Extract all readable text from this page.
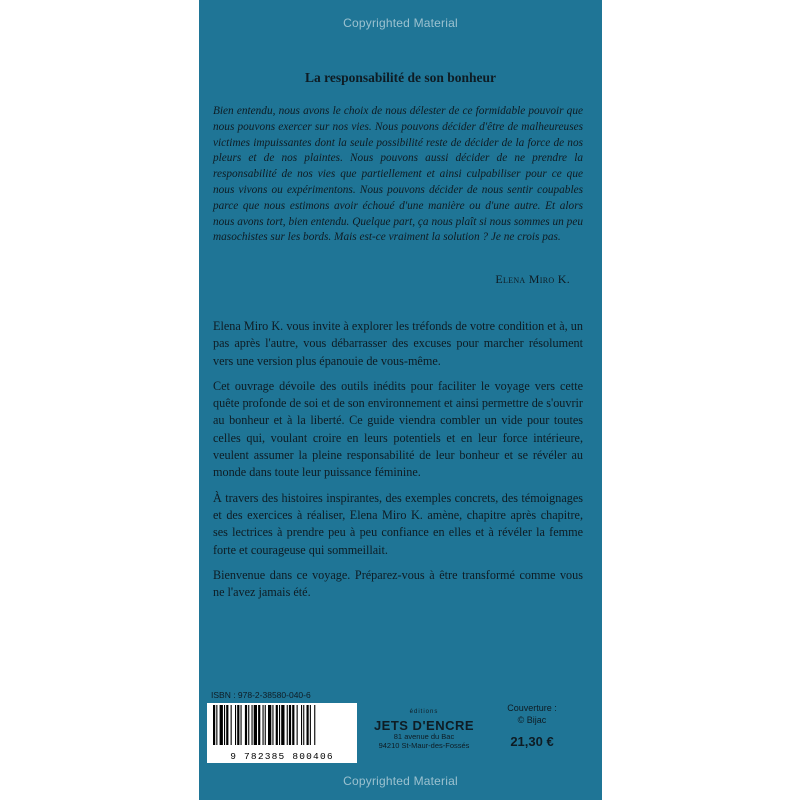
Copyrighted Material
La responsabilité de son bonheur

Bien entendu, nous avons le choix de nous délester de ce formidable pouvoir que nous pouvons exercer sur nos vies. Nous pouvons décider d'être de malheureuses victimes impuissantes dont la seule possibilité reste de décider de la force de nos pleurs et de nos plaintes. Nous pouvons aussi décider de ne prendre la responsabilité de nos vies que partiellement et ainsi culpabiliser pour ce que nous vivons ou expérimentons. Nous pouvons décider de nous sentir coupables parce que nous estimons avoir échoué d'une manière ou d'une autre. Et alors nous avons tort, bien entendu. Quelque part, ça nous plaît si nous sommes un peu masochistes sur les bords. Mais est-ce vraiment la solution ? Je ne crois pas.

Elena Miro K.

Elena Miro K. vous invite à explorer les tréfonds de votre condition et à, un pas après l'autre, vous débarrasser des excuses pour marcher résolument vers une version plus épanouie de vous-même.

Cet ouvrage dévoile des outils inédits pour faciliter le voyage vers cette quête profonde de soi et de son environnement et ainsi permettre de s'ouvrir au bonheur et à la liberté. Ce guide viendra combler un vide pour toutes celles qui, voulant croire en leurs potentiels et en leur force intérieure, veulent assumer la pleine responsabilité de leur bonheur et se révéler au monde dans toute leur puissance féminine.

À travers des histoires inspirantes, des exemples concrets, des témoignages et des exercices à réaliser, Elena Miro K. amène, chapitre après chapitre, ses lectrices à prendre peu à peu confiance en elles et à révéler la femme forte et courageuse qui sommeillait.

Bienvenue dans ce voyage. Préparez-vous à être transformé comme vous ne l'avez jamais été.

ISBN : 978-2-38580-040-6
9 782385 800406
éditions
JETS D'ENCRE
81 avenue du Bac
94210 St-Maur-des-Fossés
Couverture :
© Bijac
21,30 €
Copyrighted Material
